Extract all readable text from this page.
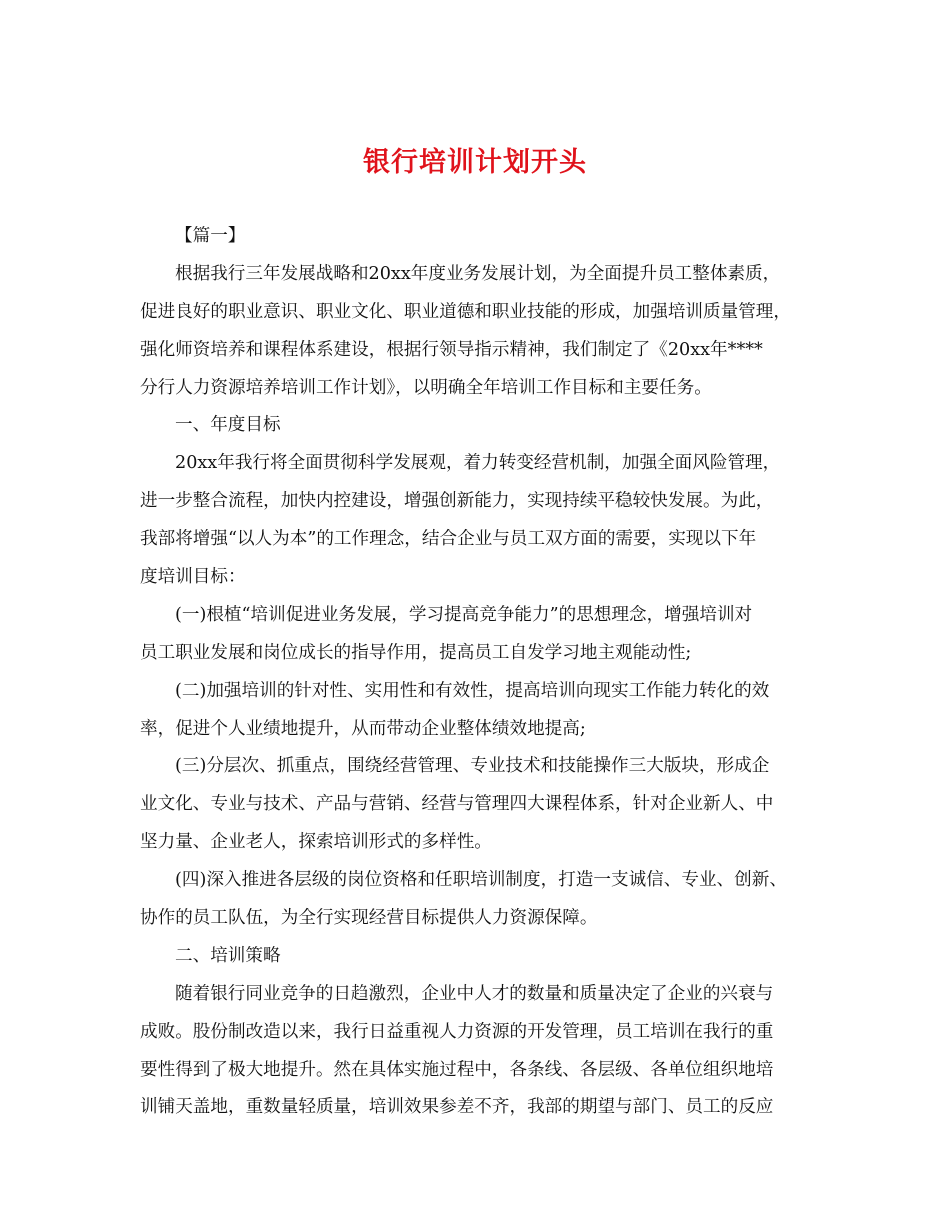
银行培训计划开头
【篇一】
根据我行三年发展战略和20xx年度业务发展计划，为全面提升员工整体素质，
促进良好的职业意识、职业文化、职业道德和职业技能的形成，加强培训质量管理，
强化师资培养和课程体系建设，根据行领导指示精神，我们制定了《20xx年****
分行人力资源培养培训工作计划》，以明确全年培训工作目标和主要任务。
一、年度目标
20xx年我行将全面贯彻科学发展观，着力转变经营机制，加强全面风险管理，
进一步整合流程，加快内控建设，增强创新能力，实现持续平稳较快发展。为此，
我部将增强“以人为本”的工作理念，结合企业与员工双方面的需要，实现以下年
度培训目标：
(一)根植“培训促进业务发展，学习提高竞争能力”的思想理念，增强培训对
员工职业发展和岗位成长的指导作用，提高员工自发学习地主观能动性;
(二)加强培训的针对性、实用性和有效性，提高培训向现实工作能力转化的效
率，促进个人业绩地提升，从而带动企业整体绩效地提高;
(三)分层次、抓重点，围绕经营管理、专业技术和技能操作三大版块，形成企
业文化、专业与技术、产品与营销、经营与管理四大课程体系，针对企业新人、中
坚力量、企业老人，探索培训形式的多样性。
(四)深入推进各层级的岗位资格和任职培训制度，打造一支诚信、专业、创新、
协作的员工队伍，为全行实现经营目标提供人力资源保障。
二、培训策略
随着银行同业竞争的日趋激烈，企业中人才的数量和质量决定了企业的兴衰与
成败。股份制改造以来，我行日益重视人力资源的开发管理，员工培训在我行的重
要性得到了极大地提升。然在具体实施过程中，各条线、各层级、各单位组织地培
训铺天盖地，重数量轻质量，培训效果参差不齐，我部的期望与部门、员工的反应
